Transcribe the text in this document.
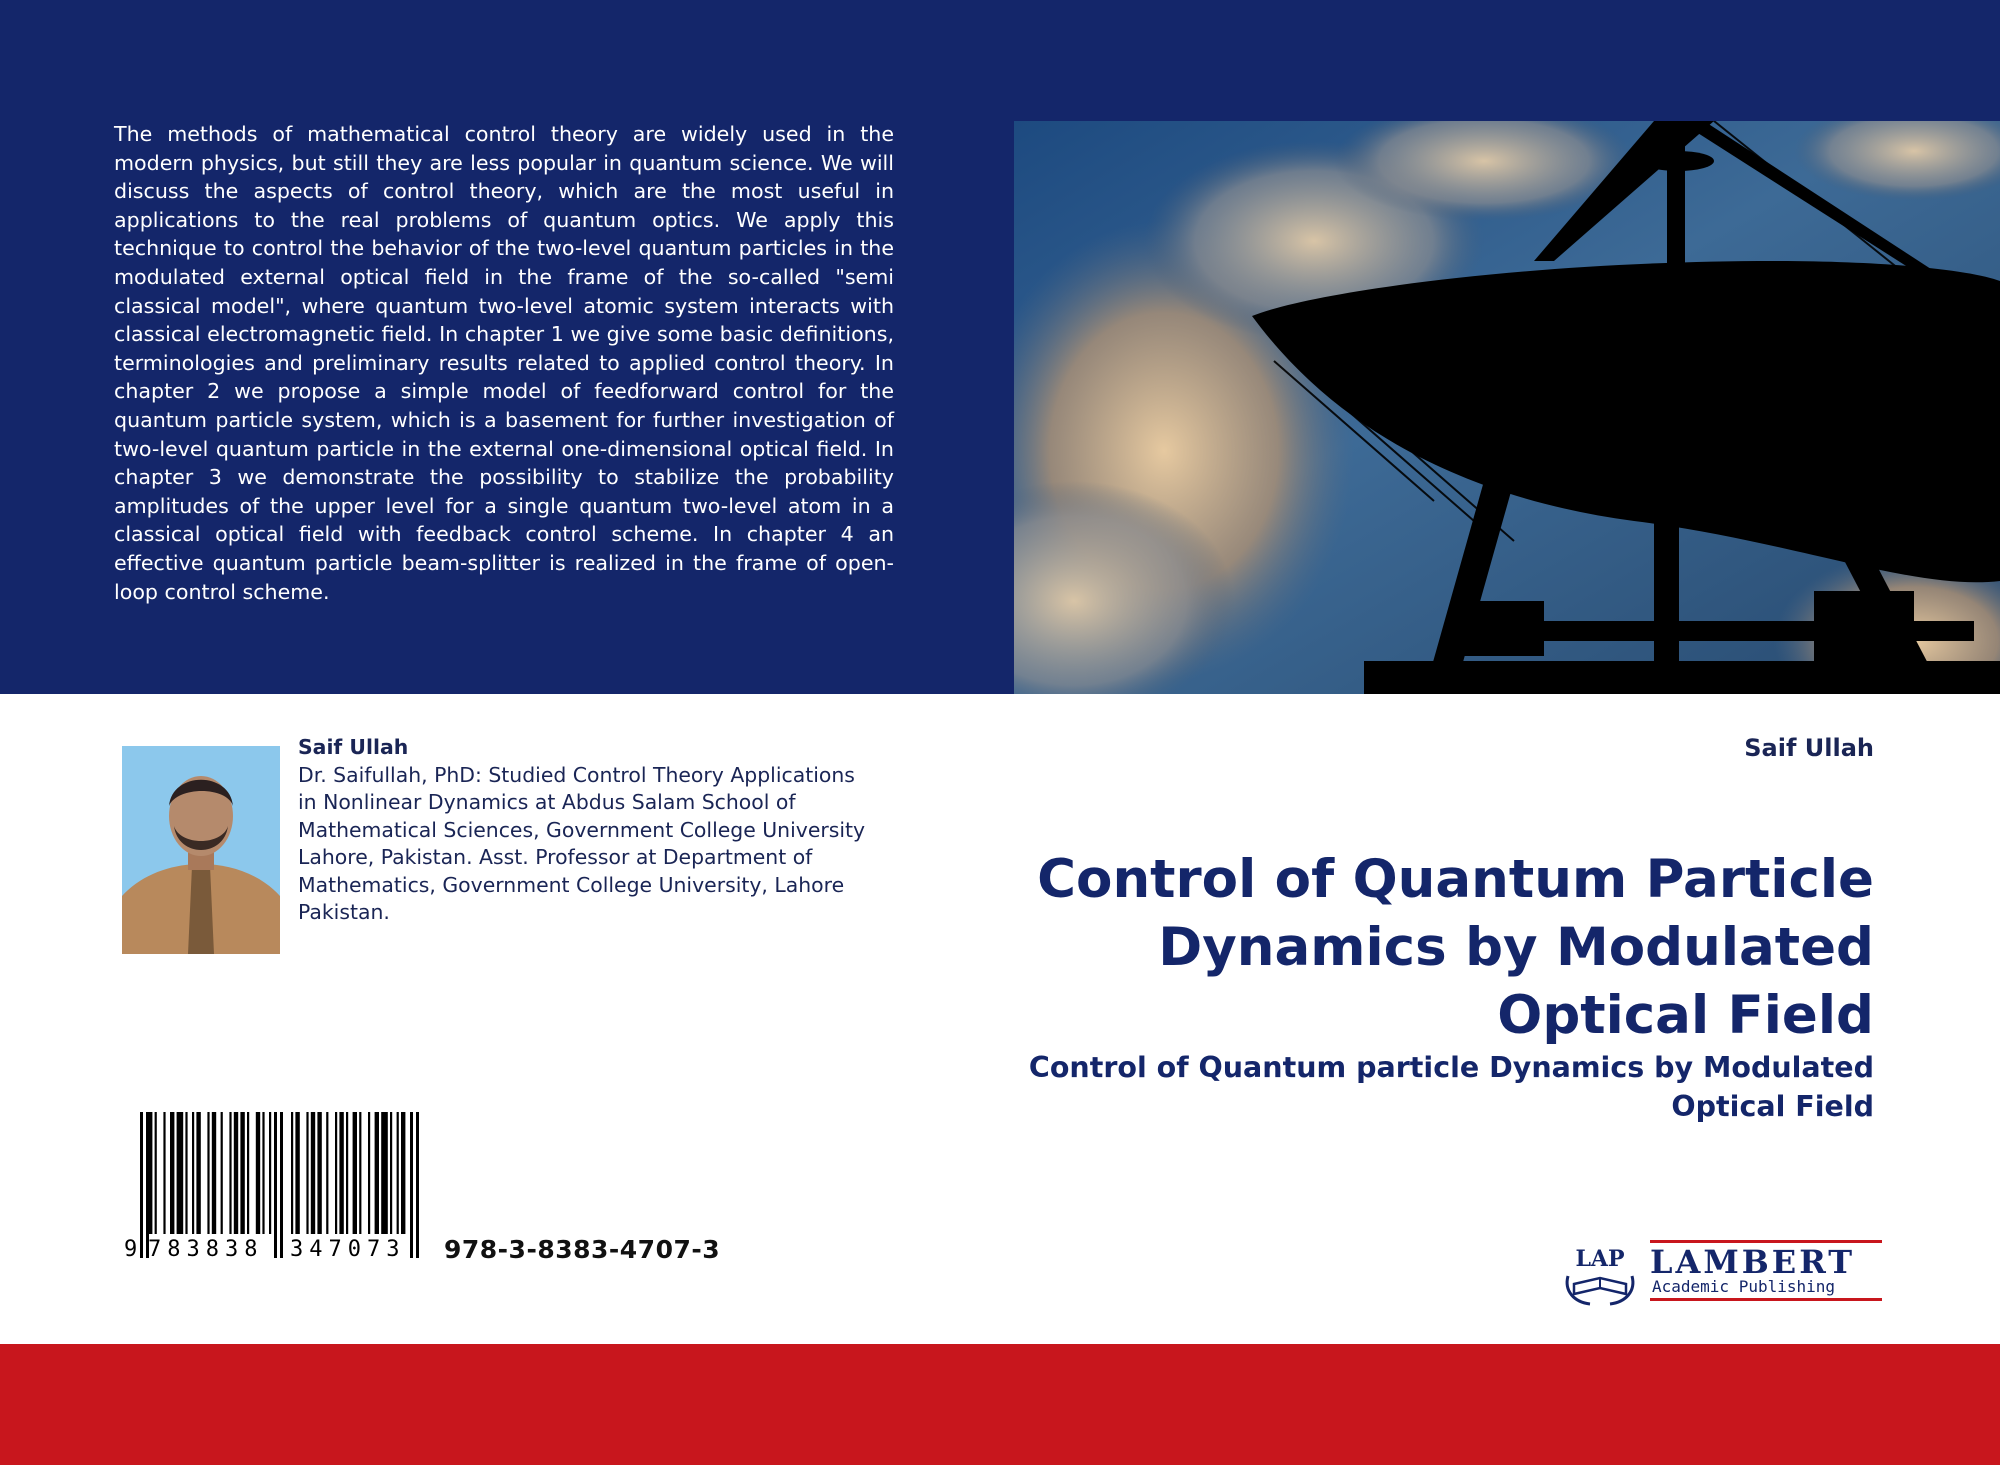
The methods of mathematical control theory are widely used in the modern physics, but still they are less popular in quantum science. We will discuss the aspects of control theory, which are the most useful in applications to the real problems of quantum optics. We apply this technique to control the behavior of the two-level quantum particles in the modulated external optical field in the frame of the so-called "semi classical model", where quantum two-level atomic system interacts with classical electromagnetic field. In chapter 1 we give some basic definitions, terminologies and preliminary results related to applied control theory. In chapter 2 we propose a simple model of feedforward control for the quantum particle system, which is a basement for further investigation of two-level quantum particle in the external one-dimensional optical field. In chapter 3 we demonstrate the possibility to stabilize the probability amplitudes of the upper level for a single quantum two-level atom in a classical optical field with feedback control scheme. In chapter 4 an effective quantum particle beam-splitter is realized in the frame of open- loop control scheme.

Saif Ullah
Dr. Saifullah, PhD: Studied Control Theory Applications in Nonlinear Dynamics at Abdus Salam School of Mathematical Sciences, Government College University Lahore, Pakistan. Asst. Professor at Department of Mathematics, Government College University, Lahore Pakistan.
Saif Ullah
Control of Quantum Particle Dynamics by Modulated Optical Field
Control of Quantum particle Dynamics by Modulated Optical Field
9 783838 347073 978-3-8383-4707-3	LAP LAMBERT
Academic Publishing
